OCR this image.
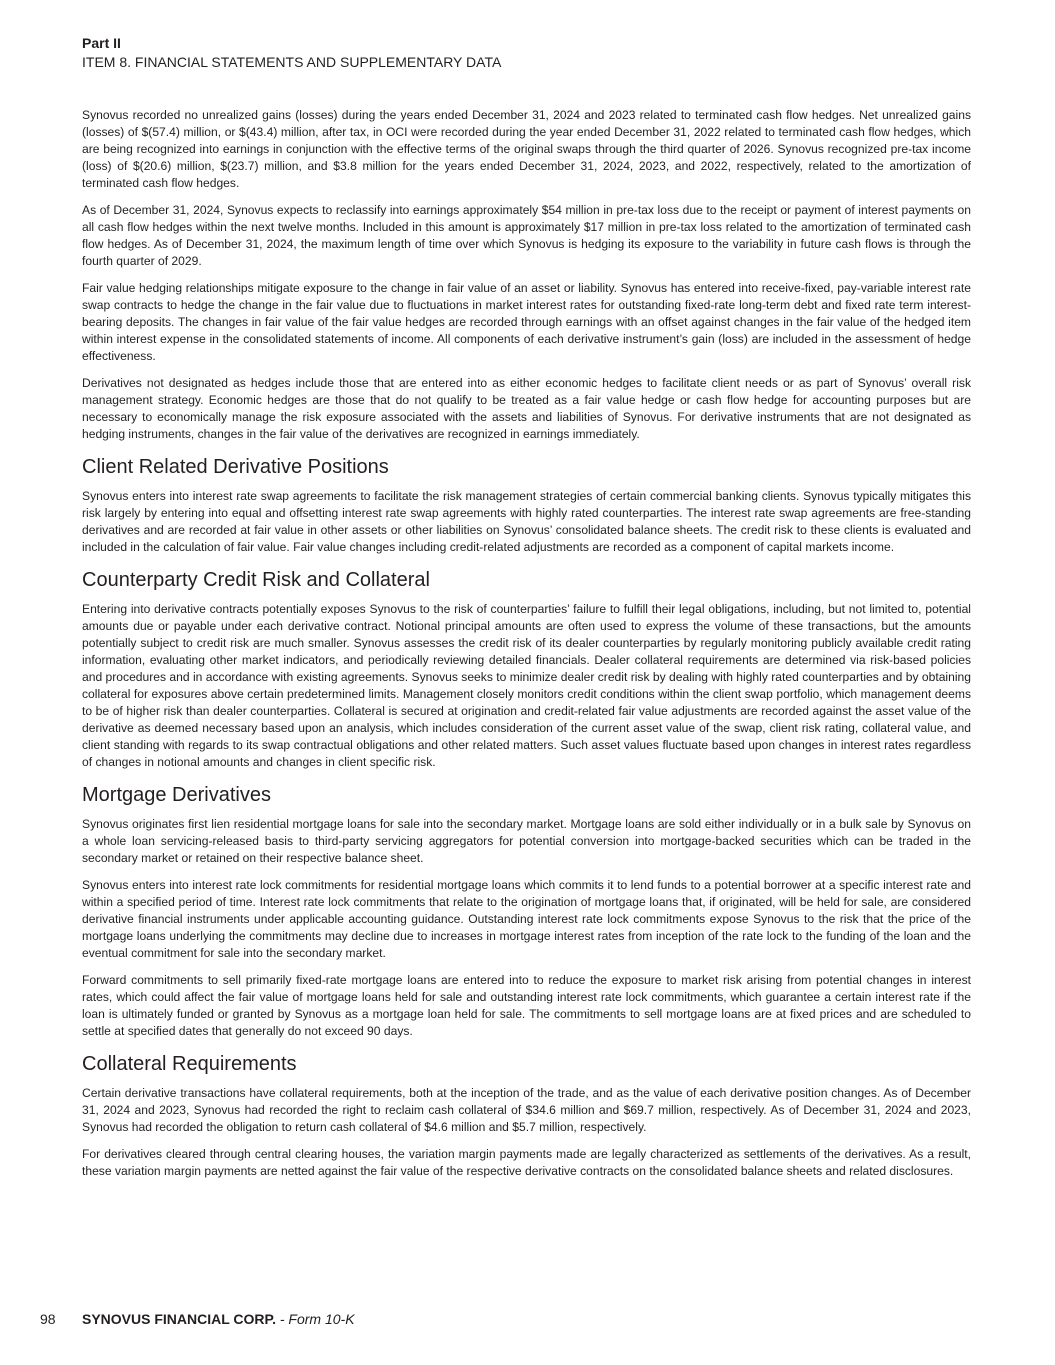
Part II
ITEM 8. FINANCIAL STATEMENTS AND SUPPLEMENTARY DATA

Synovus recorded no unrealized gains (losses) during the years ended December 31, 2024 and 2023 related to terminated cash flow hedges. Net unrealized gains (losses) of $(57.4) million, or $(43.4) million, after tax, in OCI were recorded during the year ended December 31, 2022 related to terminated cash flow hedges, which are being recognized into earnings in conjunction with the effective terms of the original swaps through the third quarter of 2026. Synovus recognized pre-tax income (loss) of $(20.6) million, $(23.7) million, and $3.8 million for the years ended December 31, 2024, 2023, and 2022, respectively, related to the amortization of terminated cash flow hedges.

As of December 31, 2024, Synovus expects to reclassify into earnings approximately $54 million in pre-tax loss due to the receipt or payment of interest payments on all cash flow hedges within the next twelve months. Included in this amount is approximately $17 million in pre-tax loss related to the amortization of terminated cash flow hedges. As of December 31, 2024, the maximum length of time over which Synovus is hedging its exposure to the variability in future cash flows is through the fourth quarter of 2029.

Fair value hedging relationships mitigate exposure to the change in fair value of an asset or liability. Synovus has entered into receive-fixed, pay-variable interest rate swap contracts to hedge the change in the fair value due to fluctuations in market interest rates for outstanding fixed-rate long-term debt and fixed rate term interest-bearing deposits. The changes in fair value of the fair value hedges are recorded through earnings with an offset against changes in the fair value of the hedged item within interest expense in the consolidated statements of income. All components of each derivative instrument’s gain (loss) are included in the assessment of hedge effectiveness.

Derivatives not designated as hedges include those that are entered into as either economic hedges to facilitate client needs or as part of Synovus’ overall risk management strategy. Economic hedges are those that do not qualify to be treated as a fair value hedge or cash flow hedge for accounting purposes but are necessary to economically manage the risk exposure associated with the assets and liabilities of Synovus. For derivative instruments that are not designated as hedging instruments, changes in the fair value of the derivatives are recognized in earnings immediately.

Client Related Derivative Positions

Synovus enters into interest rate swap agreements to facilitate the risk management strategies of certain commercial banking clients. Synovus typically mitigates this risk largely by entering into equal and offsetting interest rate swap agreements with highly rated counterparties. The interest rate swap agreements are free-standing derivatives and are recorded at fair value in other assets or other liabilities on Synovus’ consolidated balance sheets. The credit risk to these clients is evaluated and included in the calculation of fair value. Fair value changes including credit-related adjustments are recorded as a component of capital markets income.

Counterparty Credit Risk and Collateral

Entering into derivative contracts potentially exposes Synovus to the risk of counterparties’ failure to fulfill their legal obligations, including, but not limited to, potential amounts due or payable under each derivative contract. Notional principal amounts are often used to express the volume of these transactions, but the amounts potentially subject to credit risk are much smaller. Synovus assesses the credit risk of its dealer counterparties by regularly monitoring publicly available credit rating information, evaluating other market indicators, and periodically reviewing detailed financials. Dealer collateral requirements are determined via risk-based policies and procedures and in accordance with existing agreements. Synovus seeks to minimize dealer credit risk by dealing with highly rated counterparties and by obtaining collateral for exposures above certain predetermined limits. Management closely monitors credit conditions within the client swap portfolio, which management deems to be of higher risk than dealer counterparties. Collateral is secured at origination and credit-related fair value adjustments are recorded against the asset value of the derivative as deemed necessary based upon an analysis, which includes consideration of the current asset value of the swap, client risk rating, collateral value, and client standing with regards to its swap contractual obligations and other related matters. Such asset values fluctuate based upon changes in interest rates regardless of changes in notional amounts and changes in client specific risk.

Mortgage Derivatives

Synovus originates first lien residential mortgage loans for sale into the secondary market. Mortgage loans are sold either individually or in a bulk sale by Synovus on a whole loan servicing-released basis to third-party servicing aggregators for potential conversion into mortgage-backed securities which can be traded in the secondary market or retained on their respective balance sheet.

Synovus enters into interest rate lock commitments for residential mortgage loans which commits it to lend funds to a potential borrower at a specific interest rate and within a specified period of time. Interest rate lock commitments that relate to the origination of mortgage loans that, if originated, will be held for sale, are considered derivative financial instruments under applicable accounting guidance. Outstanding interest rate lock commitments expose Synovus to the risk that the price of the mortgage loans underlying the commitments may decline due to increases in mortgage interest rates from inception of the rate lock to the funding of the loan and the eventual commitment for sale into the secondary market.

Forward commitments to sell primarily fixed-rate mortgage loans are entered into to reduce the exposure to market risk arising from potential changes in interest rates, which could affect the fair value of mortgage loans held for sale and outstanding interest rate lock commitments, which guarantee a certain interest rate if the loan is ultimately funded or granted by Synovus as a mortgage loan held for sale. The commitments to sell mortgage loans are at fixed prices and are scheduled to settle at specified dates that generally do not exceed 90 days.

Collateral Requirements

Certain derivative transactions have collateral requirements, both at the inception of the trade, and as the value of each derivative position changes. As of December 31, 2024 and 2023, Synovus had recorded the right to reclaim cash collateral of $34.6 million and $69.7 million, respectively. As of December 31, 2024 and 2023, Synovus had recorded the obligation to return cash collateral of $4.6 million and $5.7 million, respectively.

For derivatives cleared through central clearing houses, the variation margin payments made are legally characterized as settlements of the derivatives. As a result, these variation margin payments are netted against the fair value of the respective derivative contracts on the consolidated balance sheets and related disclosures.

98 SYNOVUS FINANCIAL CORP. - Form 10-K
